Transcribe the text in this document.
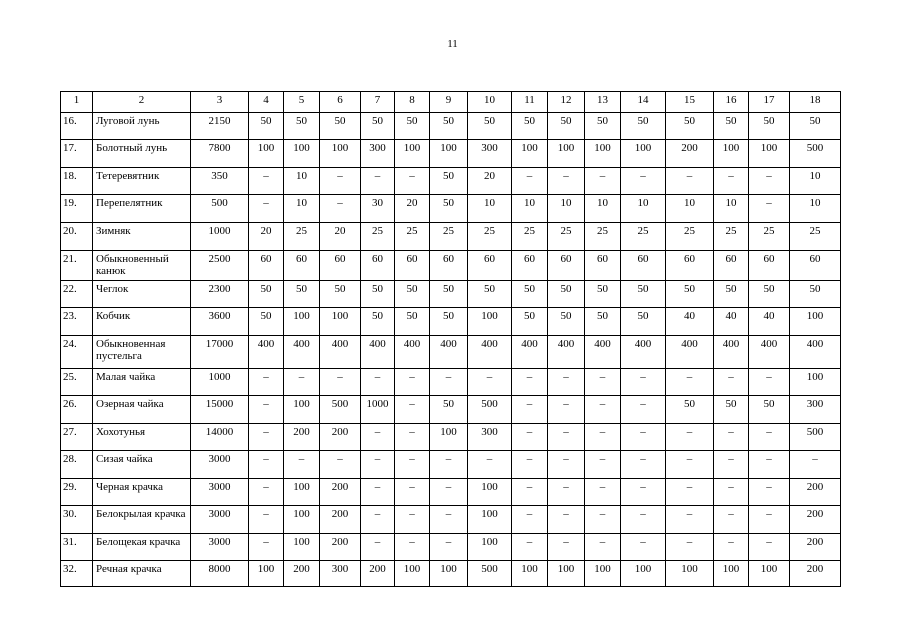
11
1	2	3	4	5	6	7	8	9	10	11	12	13	14	15	16	17	18
16.	Луговой лунь	2150	50	50	50	50	50	50	50	50	50	50	50	50	50	50	50
17.	Болотный лунь	7800	100	100	100	300	100	100	300	100	100	100	100	200	100	100	500
18.	Тетеревятник	350	–	10	–	–	–	50	20	–	–	–	–	–	–	–	10
19.	Перепелятник	500	–	10	–	30	20	50	10	10	10	10	10	10	10	–	10
20.	Зимняк	1000	20	25	20	25	25	25	25	25	25	25	25	25	25	25	25
21.	Обыкновенный канюк	2500	60	60	60	60	60	60	60	60	60	60	60	60	60	60	60
22.	Чеглок	2300	50	50	50	50	50	50	50	50	50	50	50	50	50	50	50
23.	Кобчик	3600	50	100	100	50	50	50	100	50	50	50	50	40	40	40	100
24.	Обыкновенная пустельга	17000	400	400	400	400	400	400	400	400	400	400	400	400	400	400	400
25.	Малая чайка	1000	–	–	–	–	–	–	–	–	–	–	–	–	–	–	100
26.	Озерная чайка	15000	–	100	500	1000	–	50	500	–	–	–	–	50	50	50	300
27.	Хохотунья	14000	–	200	200	–	–	100	300	–	–	–	–	–	–	–	500
28.	Сизая чайка	3000	–	–	–	–	–	–	–	–	–	–	–	–	–	–	–
29.	Черная крачка	3000	–	100	200	–	–	–	100	–	–	–	–	–	–	–	200
30.	Белокрылая крачка	3000	–	100	200	–	–	–	100	–	–	–	–	–	–	–	200
31.	Белощекая крачка	3000	–	100	200	–	–	–	100	–	–	–	–	–	–	–	200
32.	Речная крачка	8000	100	200	300	200	100	100	500	100	100	100	100	100	100	100	200
